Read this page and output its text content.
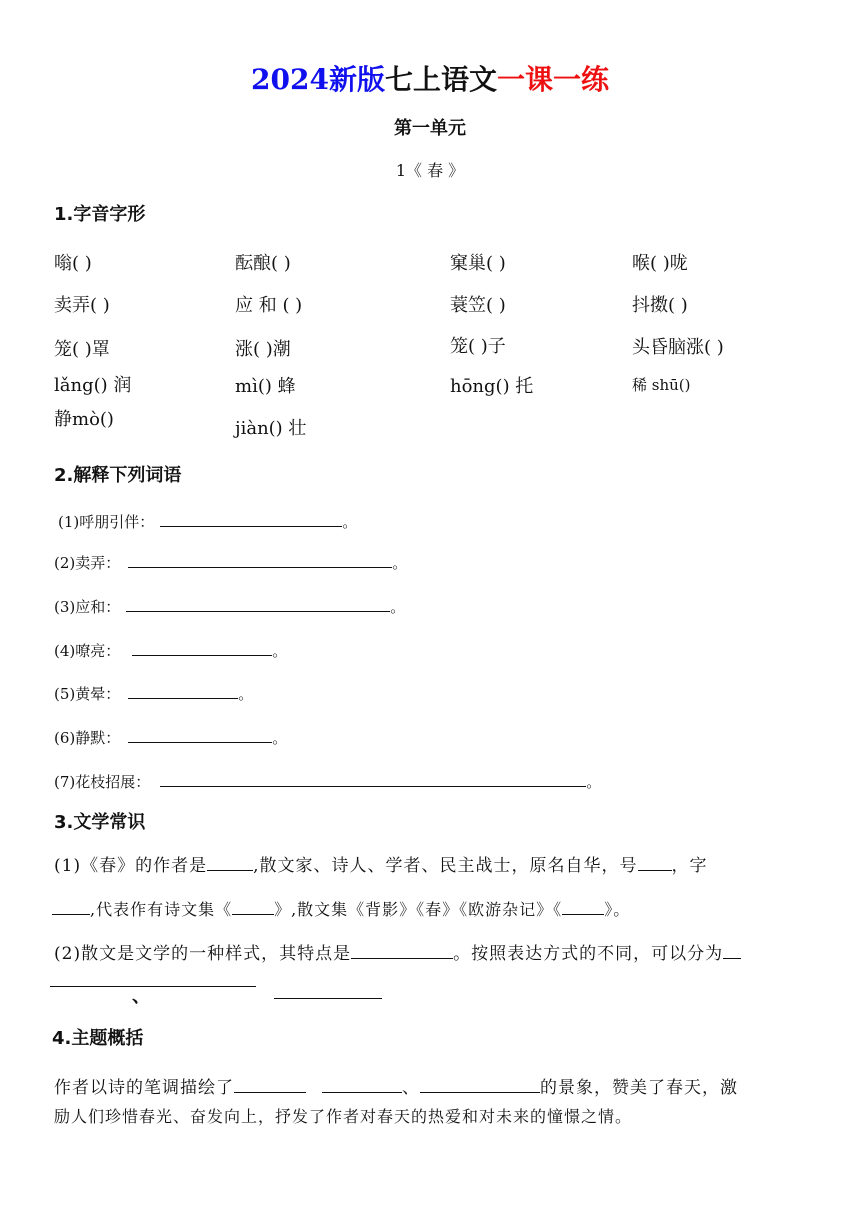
2024新版七上语文一课一练
第一单元
1《 春 》
1.字音字形
嗡( )	酝酿( )	窠巢( )	喉( )咙
卖弄( )	应 和 ( )	蓑笠( )	抖擞( )
笼( )罩	涨( )潮	笼( )子	头昏脑涨( )
lǎng() 润	mì() 蜂	hōng() 托	稀 shū()
静mò()	jiàn() 壮
2.解释下列词语
(1)呼朋引伴：	。
(2)卖弄：	。
(3)应和：	。
(4)嘹亮：	。
(5)黄晕：	。
(6)静默：	。
(7)花枝招展：	。
3.文学常识
(1)《春》的作者是	,散文家、诗人、学者、民主战士，原名自华，号 ，字
,代表作有诗文集《	》,散文集《背影》《春》《欧游杂记》《	》。
(2)散文是文学的一种样式，其特点是	。按照表达方式的不同，可以分为
、
4.主题概括
作者以诗的笔调描绘了	、	的景象，赞美了春天，激
励人们珍惜春光、奋发向上，抒发了作者对春天的热爱和对未来的憧憬之情。
